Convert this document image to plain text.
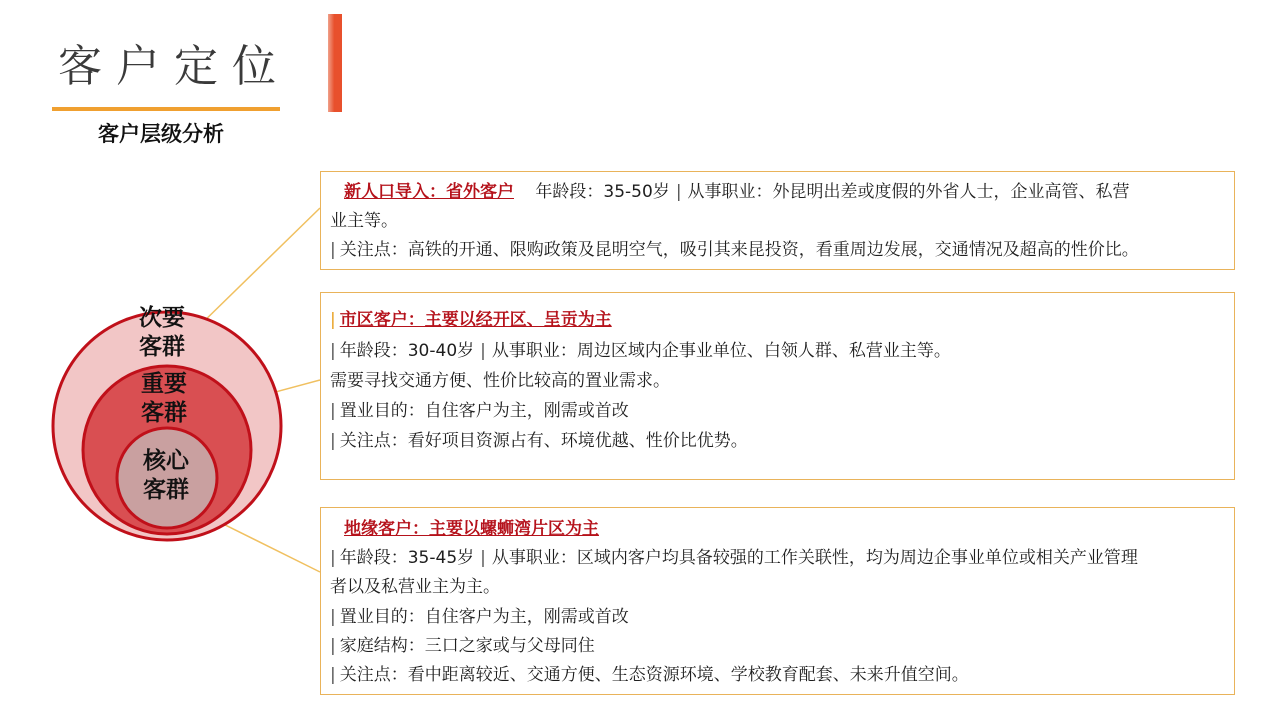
客户定位
客户层级分析
次要
客群
重要
客群
核心
客群
新人口导入：省外客户 年龄段：35-50岁 | 从事职业：外昆明出差或度假的外省人士，企业高管、私营
业主等。
| 关注点：高铁的开通、限购政策及昆明空气，吸引其来昆投资，看重周边发展，交通情况及超高的性价比。
| 市区客户：主要以经开区、呈贡为主
| 年龄段：30-40岁 | 从事职业：周边区域内企事业单位、白领人群、私营业主等。
需要寻找交通方便、性价比较高的置业需求。
| 置业目的：自住客户为主，刚需或首改
| 关注点：看好项目资源占有、环境优越、性价比优势。
地缘客户：主要以螺蛳湾片区为主
| 年龄段：35-45岁 | 从事职业：区域内客户均具备较强的工作关联性，均为周边企事业单位或相关产业管理
者以及私营业主为主。
| 置业目的：自住客户为主，刚需或首改
| 家庭结构：三口之家或与父母同住
| 关注点：看中距离较近、交通方便、生态资源环境、学校教育配套、未来升值空间。
